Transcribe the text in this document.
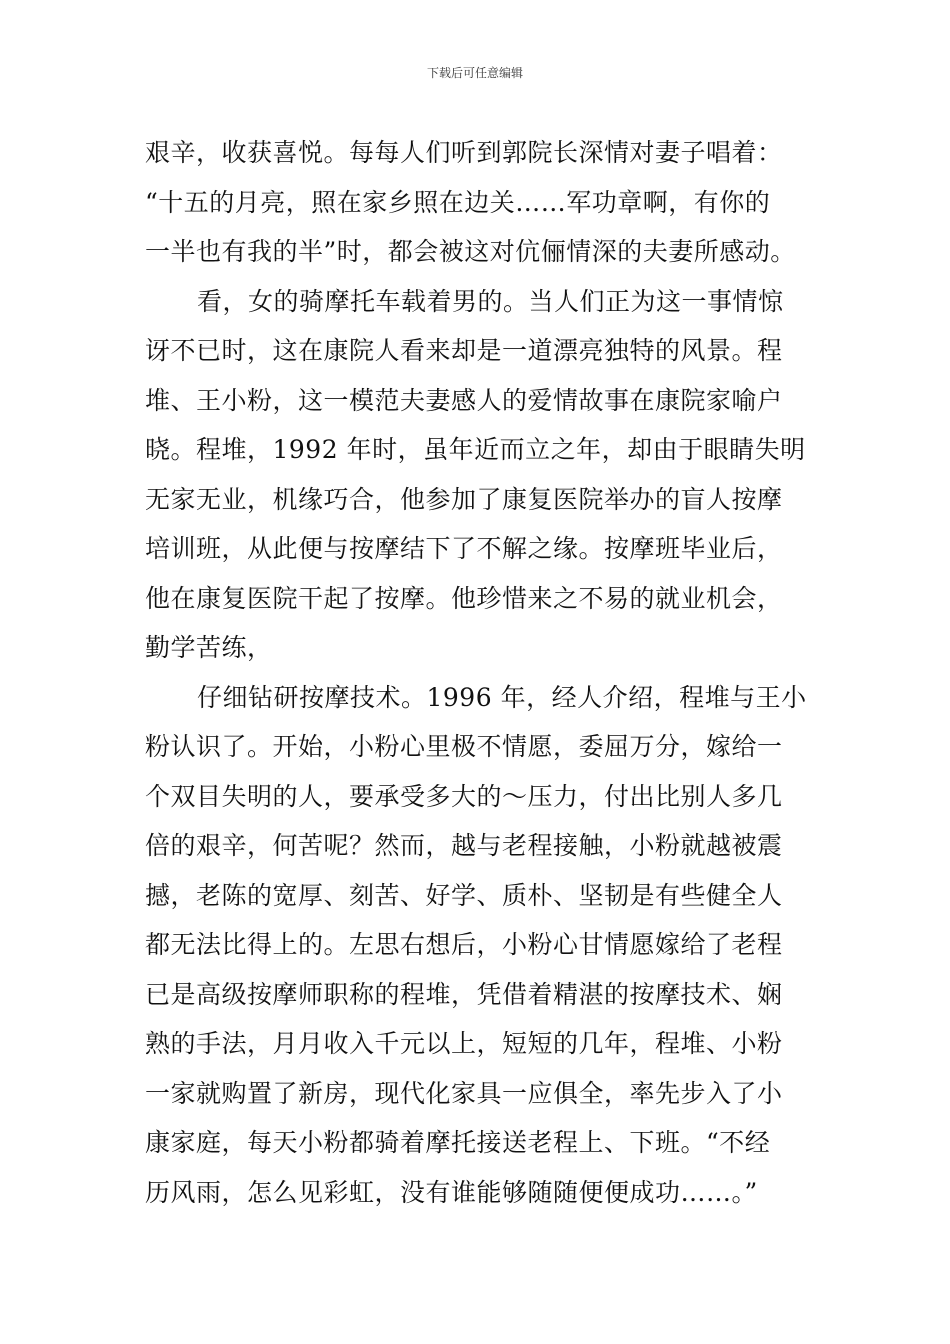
下载后可任意编辑
艰辛，收获喜悦。每每人们听到郭院长深情对妻子唱着：
“十五的月亮，照在家乡照在边关……军功章啊，有你的
一半也有我的半”时，都会被这对伉俪情深的夫妻所感动。
看，女的骑摩托车载着男的。当人们正为这一事情惊
讶不已时，这在康院人看来却是一道漂亮独特的风景。程
堆、王小粉，这一模范夫妻感人的爱情故事在康院家喻户
晓。程堆，1992 年时，虽年近而立之年，却由于眼睛失明
无家无业，机缘巧合，他参加了康复医院举办的盲人按摩
培训班，从此便与按摩结下了不解之缘。按摩班毕业后，
他在康复医院干起了按摩。他珍惜来之不易的就业机会，
勤学苦练，
仔细钻研按摩技术。1996 年，经人介绍，程堆与王小
粉认识了。开始，小粉心里极不情愿，委屈万分，嫁给一
个双目失明的人，要承受多大的～压力，付出比别人多几
倍的艰辛，何苦呢？然而，越与老程接触，小粉就越被震
撼，老陈的宽厚、刻苦、好学、质朴、坚韧是有些健全人
都无法比得上的。左思右想后，小粉心甘情愿嫁给了老程
已是高级按摩师职称的程堆，凭借着精湛的按摩技术、娴
熟的手法，月月收入千元以上，短短的几年，程堆、小粉
一家就购置了新房，现代化家具一应俱全，率先步入了小
康家庭，每天小粉都骑着摩托接送老程上、下班。“不经
历风雨，怎么见彩虹，没有谁能够随随便便成功……。”
